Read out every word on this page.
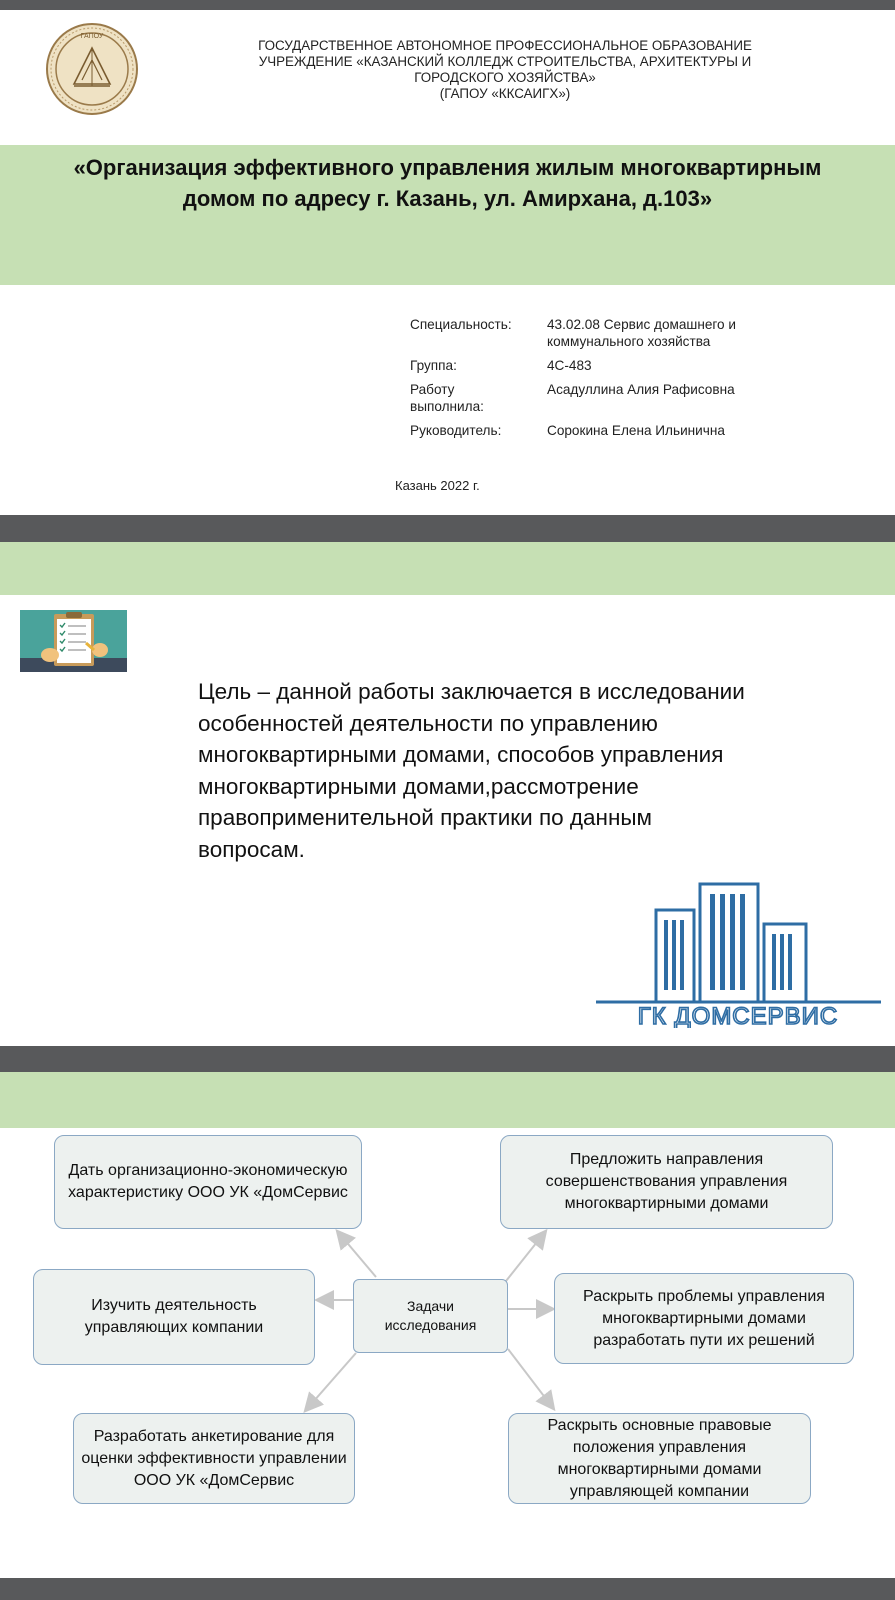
ГАПОУ
ГОСУДАРСТВЕННОЕ АВТОНОМНОЕ ПРОФЕССИОНАЛЬНОЕ ОБРАЗОВАНИЕ
УЧРЕЖДЕНИЕ «КАЗАНСКИЙ КОЛЛЕДЖ СТРОИТЕЛЬСТВА, АРХИТЕКТУРЫ И
ГОРОДСКОГО ХОЗЯЙСТВА»
(ГАПОУ «ККСАИГХ»)
«Организация эффективного управления жилым многоквартирным
домом по адресу г. Казань, ул. Амирхана, д.103»
Специальность:	43.02.08 Сервис домашнего и коммунального хозяйства
Группа:	4С-483
Работу выполнила:
Асадуллина Алия Рафисовна
Руководитель:	Сорокина Елена Ильинична
Казань 2022 г.
Цель – данной работы заключается в исследовании особенностей деятельности по управлению многоквартирными домами, способов управления многоквартирными домами,рассмотрение правоприменительной практики по данным вопросам.
ГК ДОМСЕРВИС
Дать организационно-экономическую характеристику ООО УК «ДомСервис
Предложить направления совершенствования управления многоквартирными домами
Изучить деятельность управляющих компании
Задачи исследования
Раскрыть проблемы управления многоквартирными домами разработать пути их решений
Разработать анкетирование для оценки эффективности управлении ООО УК «ДомСервис
Раскрыть основные правовые положения управления многоквартирными домами управляющей компании
